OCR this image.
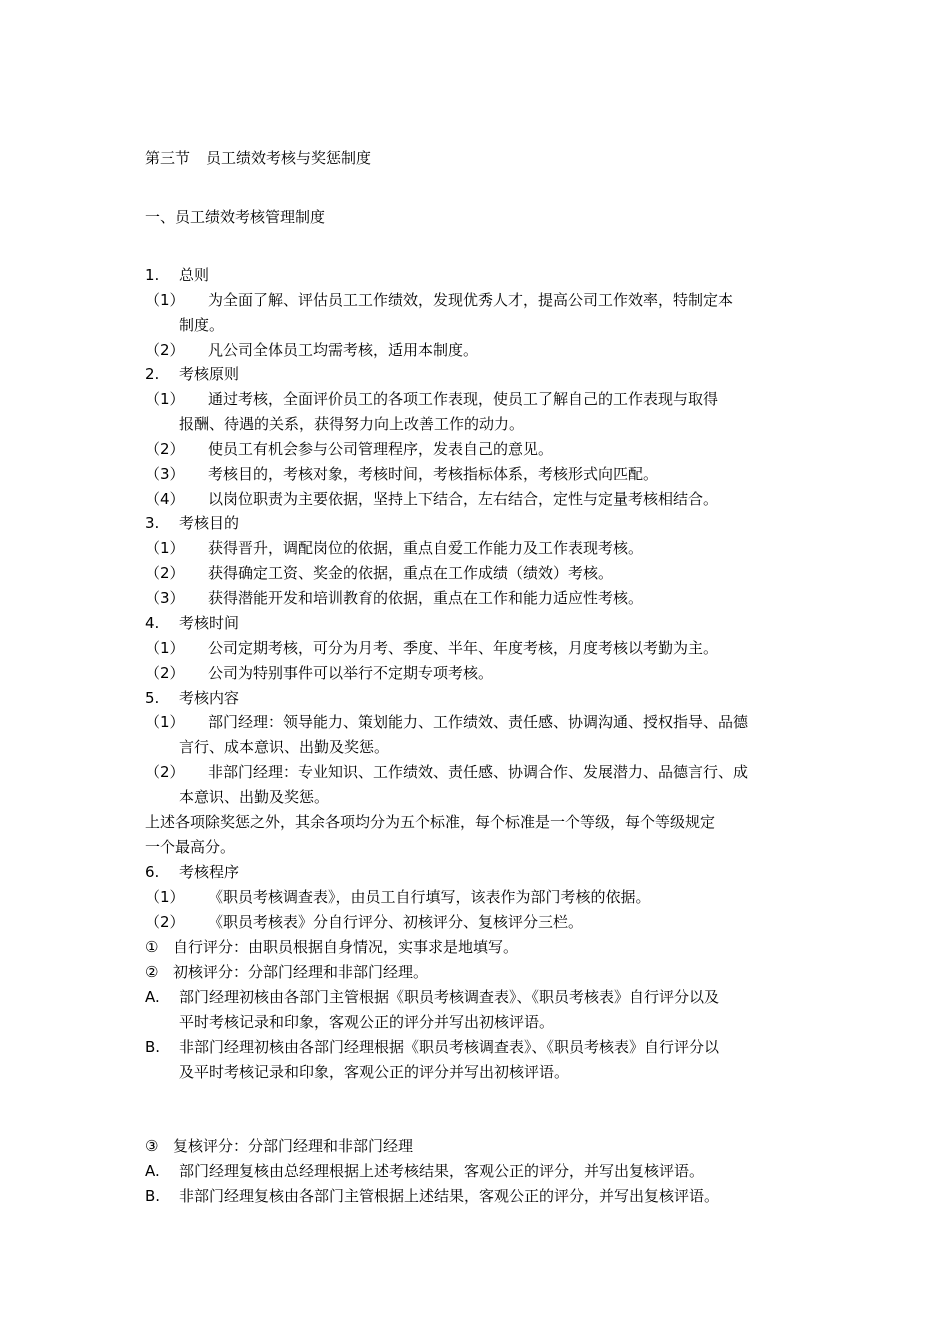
第三节 员工绩效考核与奖惩制度
一、员工绩效考核管理制度
1. 总则
（1） 为全面了解、评估员工工作绩效，发现优秀人才，提高公司工作效率，特制定本
制度。
（2） 凡公司全体员工均需考核，适用本制度。
2. 考核原则
（1） 通过考核，全面评价员工的各项工作表现，使员工了解自己的工作表现与取得
报酬、待遇的关系，获得努力向上改善工作的动力。
（2） 使员工有机会参与公司管理程序，发表自己的意见。
（3） 考核目的，考核对象，考核时间，考核指标体系，考核形式向匹配。
（4） 以岗位职责为主要依据，坚持上下结合，左右结合，定性与定量考核相结合。
3. 考核目的
（1） 获得晋升，调配岗位的依据，重点自爱工作能力及工作表现考核。
（2） 获得确定工资、奖金的依据，重点在工作成绩（绩效）考核。
（3） 获得潜能开发和培训教育的依据，重点在工作和能力适应性考核。
4. 考核时间
（1） 公司定期考核，可分为月考、季度、半年、年度考核，月度考核以考勤为主。
（2） 公司为特别事件可以举行不定期专项考核。
5. 考核内容
（1） 部门经理：领导能力、策划能力、工作绩效、责任感、协调沟通、授权指导、品德
言行、成本意识、出勤及奖惩。
（2） 非部门经理：专业知识、工作绩效、责任感、协调合作、发展潜力、品德言行、成
本意识、出勤及奖惩。
上述各项除奖惩之外，其余各项均分为五个标准，每个标准是一个等级，每个等级规定
一个最高分。
6. 考核程序
（1） 《职员考核调查表》，由员工自行填写，该表作为部门考核的依据。
（2） 《职员考核表》分自行评分、初核评分、复核评分三栏。
① 自行评分：由职员根据自身情况，实事求是地填写。
② 初核评分：分部门经理和非部门经理。
A. 部门经理初核由各部门主管根据《职员考核调查表》、《职员考核表》自行评分以及
平时考核记录和印象，客观公正的评分并写出初核评语。
B. 非部门经理初核由各部门经理根据《职员考核调查表》、《职员考核表》自行评分以
及平时考核记录和印象，客观公正的评分并写出初核评语。
③ 复核评分：分部门经理和非部门经理
A. 部门经理复核由总经理根据上述考核结果，客观公正的评分，并写出复核评语。
B. 非部门经理复核由各部门主管根据上述结果，客观公正的评分，并写出复核评语。
